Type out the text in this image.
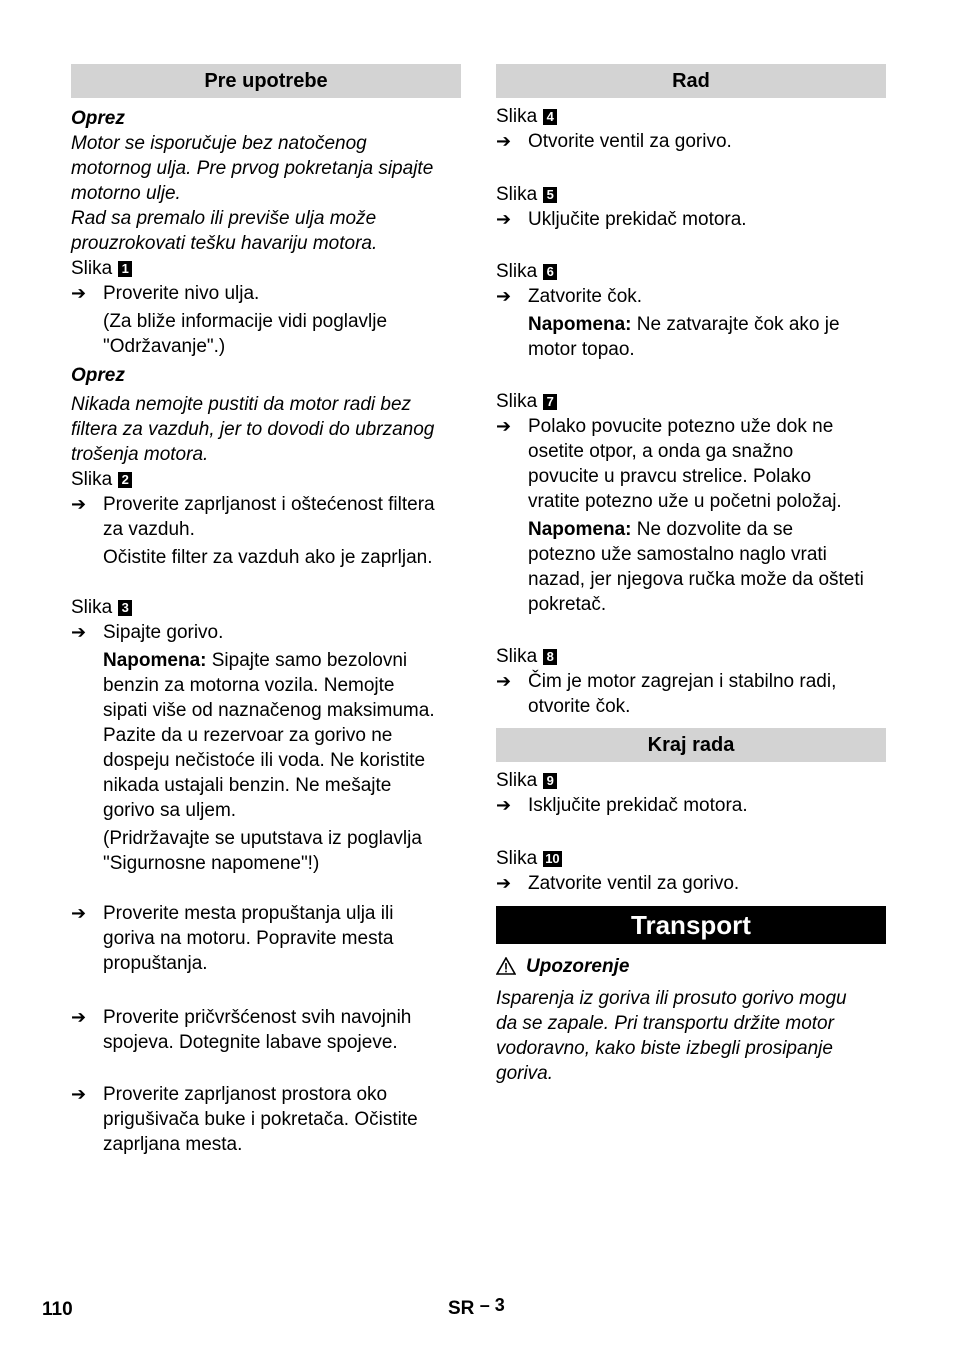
Pre upotrebe
Oprez
Motor se isporučuje bez natočenog
motornog ulja. Pre prvog pokretanja sipajte
motorno ulje.
Rad sa premalo ili previše ulja može
prouzrokovati tešku havariju motora.
Slika 1
➔ Proverite nivo ulja.
(Za bliže informacije vidi poglavlje
"Održavanje".)
Oprez
Nikada nemojte pustiti da motor radi bez
filtera za vazduh, jer to dovodi do ubrzanog
trošenja motora.
Slika 2
➔ Proverite zaprljanost i oštećenost filtera
za vazduh.
Očistite filter za vazduh ako je zaprljan.
Slika 3
➔ Sipajte gorivo.
Napomena: Sipajte samo bezolovni
benzin za motorna vozila. Nemojte
sipati više od naznačenog maksimuma.
Pazite da u rezervoar za gorivo ne
dospeju nečistoće ili voda. Ne koristite
nikada ustajali benzin. Ne mešajte
gorivo sa uljem.
(Pridržavajte se uputstava iz poglavlja
"Sigurnosne napomene"!)
➔ Proverite mesta propuštanja ulja ili
goriva na motoru. Popravite mesta
propuštanja.
➔ Proverite pričvršćenost svih navojnih
spojeva. Dotegnite labave spojeve.
➔ Proverite zaprljanost prostora oko
prigušivača buke i pokretača. Očistite
zaprljana mesta.
Rad
Slika 4
➔ Otvorite ventil za gorivo.
Slika 5
➔ Uključite prekidač motora.
Slika 6
➔ Zatvorite čok.
Napomena: Ne zatvarajte čok ako je
motor topao.
Slika 7
➔ Polako povucite potezno uže dok ne
osetite otpor, a onda ga snažno
povucite u pravcu strelice. Polako
vratite potezno uže u početni položaj.
Napomena: Ne dozvolite da se
potezno uže samostalno naglo vrati
nazad, jer njegova ručka može da ošteti
pokretač.
Slika 8
➔ Čim je motor zagrejan i stabilno radi,
otvorite čok.
Kraj rada
Slika 9
➔ Isključite prekidač motora.
Slika 10
➔ Zatvorite ventil za gorivo.
Transport
Upozorenje
Isparenja iz goriva ili prosuto gorivo mogu
da se zapale. Pri transportu držite motor
vodoravno, kako biste izbegli prosipanje
goriva.
110	SR – 3
